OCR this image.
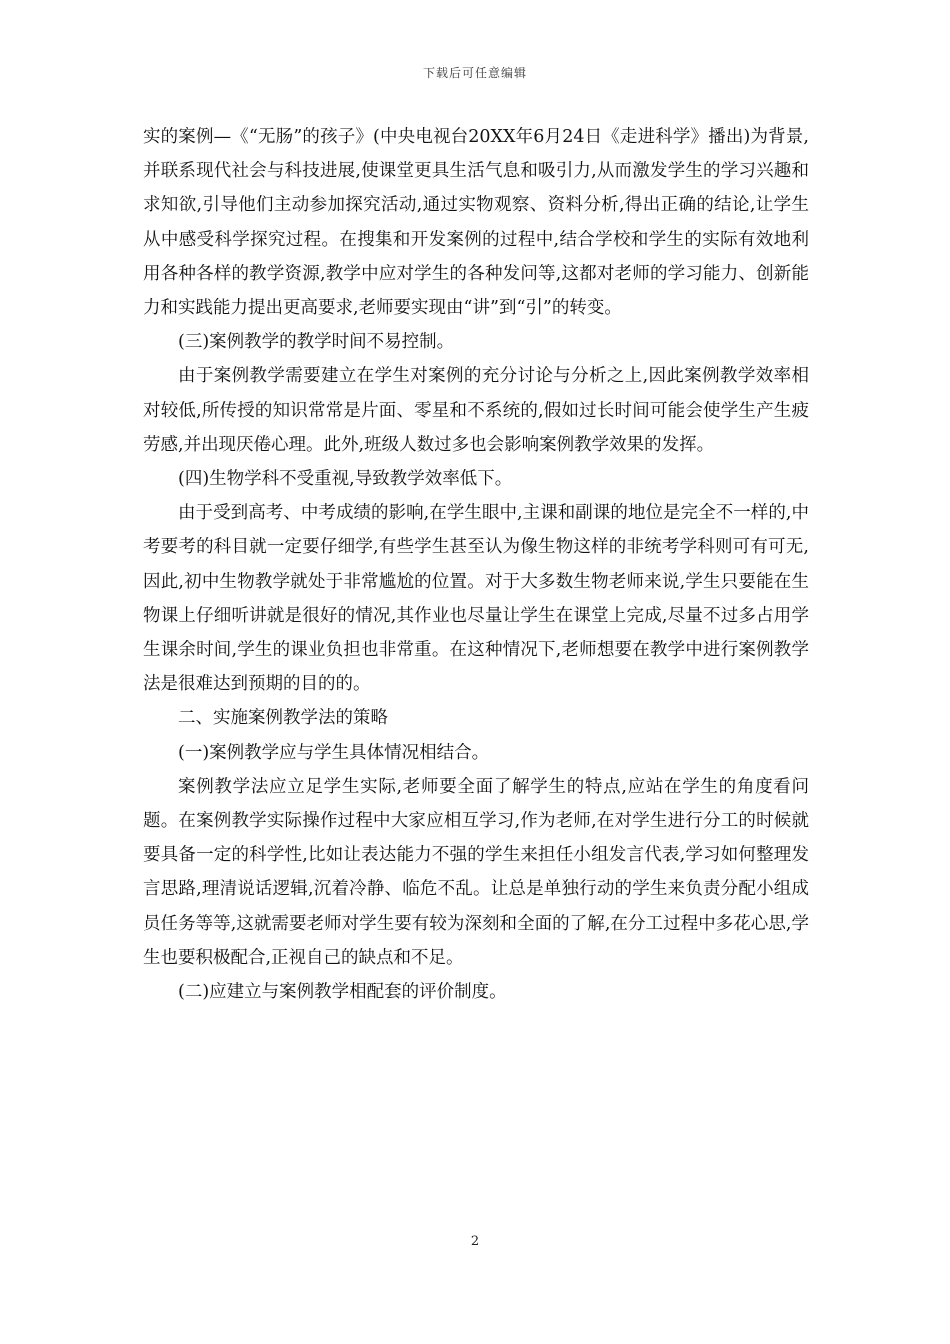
下载后可任意编辑

实的案例—《“无肠”的孩子》(中央电视台20XX年6月24日《走进科学》播出)为背景,并联系现代社会与科技进展,使课堂更具生活气息和吸引力,从而激发学生的学习兴趣和求知欲,引导他们主动参加探究活动,通过实物观察、资料分析,得出正确的结论,让学生从中感受科学探究过程。在搜集和开发案例的过程中,结合学校和学生的实际有效地利用各种各样的教学资源,教学中应对学生的各种发问等,这都对老师的学习能力、创新能力和实践能力提出更高要求,老师要实现由“讲”到“引”的转变。

(三)案例教学的教学时间不易控制。

由于案例教学需要建立在学生对案例的充分讨论与分析之上,因此案例教学效率相对较低,所传授的知识常常是片面、零星和不系统的,假如过长时间可能会使学生产生疲劳感,并出现厌倦心理。此外,班级人数过多也会影响案例教学效果的发挥。

(四)生物学科不受重视,导致教学效率低下。

由于受到高考、中考成绩的影响,在学生眼中,主课和副课的地位是完全不一样的,中考要考的科目就一定要仔细学,有些学生甚至认为像生物这样的非统考学科则可有可无,因此,初中生物教学就处于非常尴尬的位置。对于大多数生物老师来说,学生只要能在生物课上仔细听讲就是很好的情况,其作业也尽量让学生在课堂上完成,尽量不过多占用学生课余时间,学生的课业负担也非常重。在这种情况下,老师想要在教学中进行案例教学法是很难达到预期的目的的。

二、实施案例教学法的策略

(一)案例教学应与学生具体情况相结合。

案例教学法应立足学生实际,老师要全面了解学生的特点,应站在学生的角度看问题。在案例教学实际操作过程中大家应相互学习,作为老师,在对学生进行分工的时候就要具备一定的科学性,比如让表达能力不强的学生来担任小组发言代表,学习如何整理发言思路,理清说话逻辑,沉着冷静、临危不乱。让总是单独行动的学生来负责分配小组成员任务等等,这就需要老师对学生要有较为深刻和全面的了解,在分工过程中多花心思,学生也要积极配合,正视自己的缺点和不足。

(二)应建立与案例教学相配套的评价制度。

2
